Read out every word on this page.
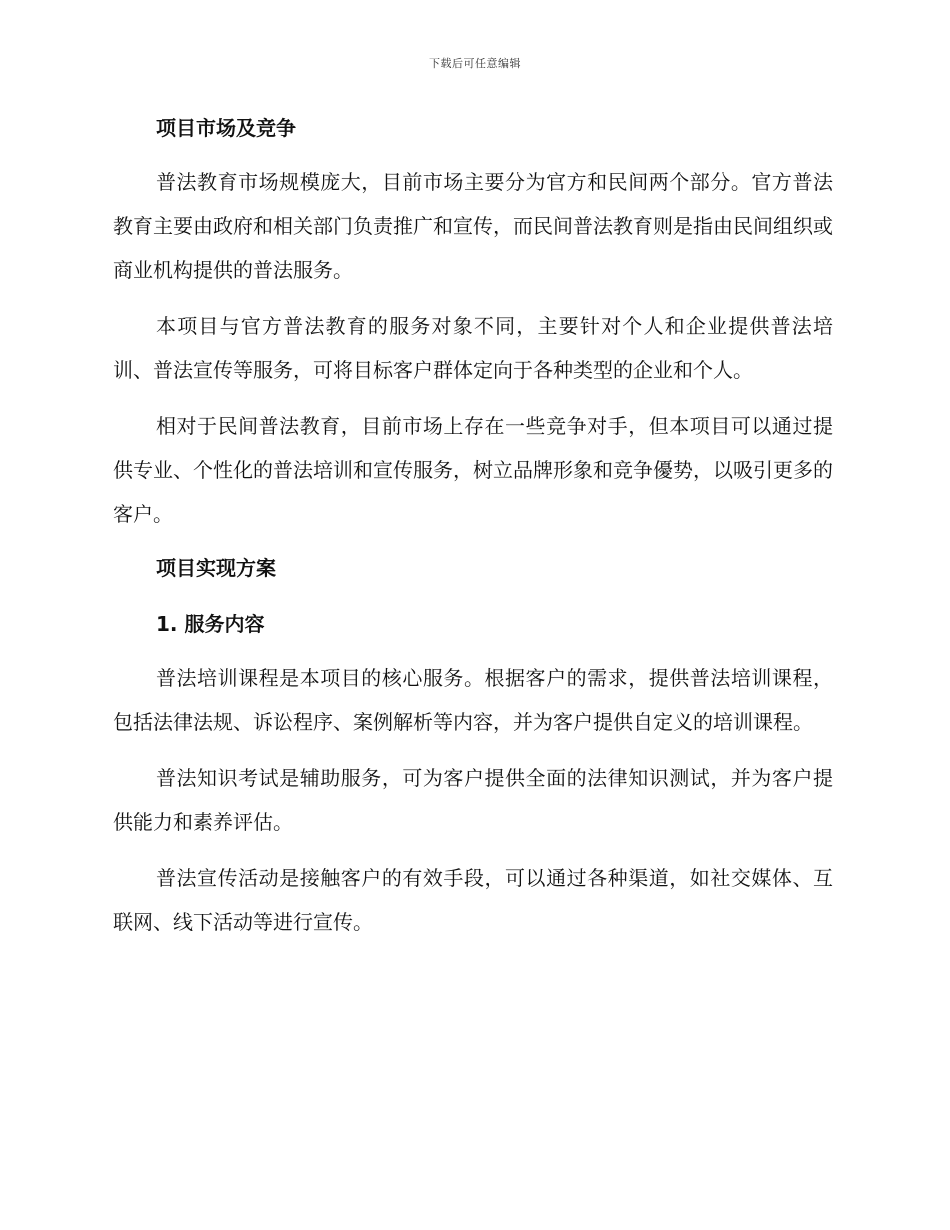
下载后可任意编辑

项目市场及竞争

普法教育市场规模庞大，目前市场主要分为官方和民间两个部分。官方普法教育主要由政府和相关部门负责推广和宣传，而民间普法教育则是指由民间组织或商业机构提供的普法服务。

本项目与官方普法教育的服务对象不同，主要针对个人和企业提供普法培训、普法宣传等服务，可将目标客户群体定向于各种类型的企业和个人。

相对于民间普法教育，目前市场上存在一些竞争对手，但本项目可以通过提供专业、个性化的普法培训和宣传服务，树立品牌形象和竞争優势，以吸引更多的客户。

项目实现方案

1. 服务内容

普法培训课程是本项目的核心服务。根据客户的需求，提供普法培训课程，包括法律法规、诉讼程序、案例解析等内容，并为客户提供自定义的培训课程。

普法知识考试是辅助服务，可为客户提供全面的法律知识测试，并为客户提供能力和素养评估。

普法宣传活动是接触客户的有效手段，可以通过各种渠道，如社交媒体、互联网、线下活动等进行宣传。
